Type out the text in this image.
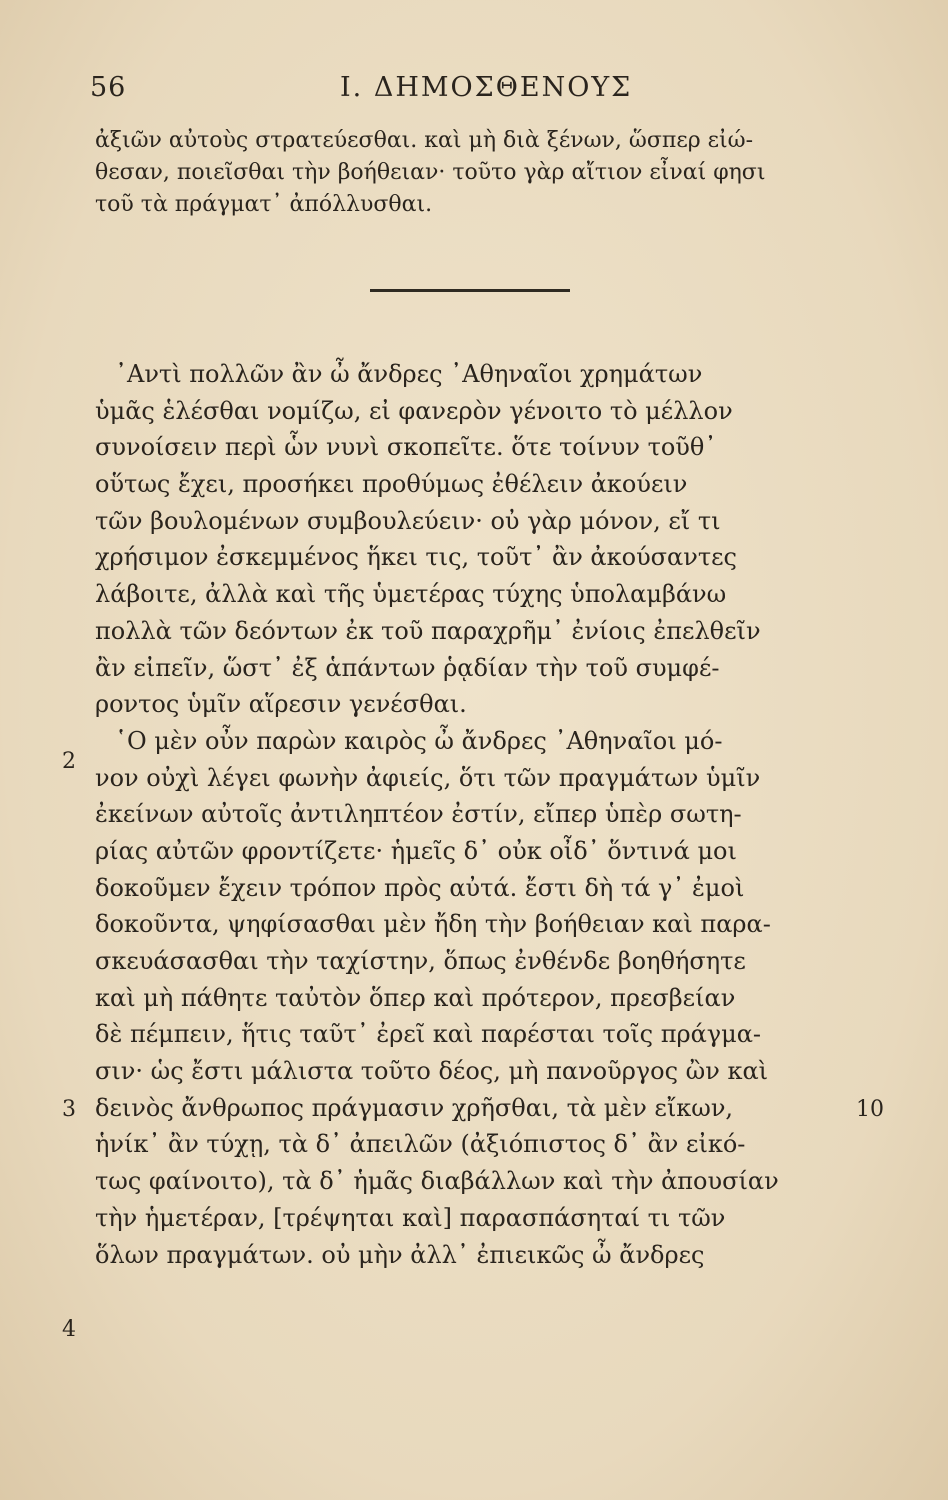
56	I. ΔΗΜΟΣΘΕΝΟΥΣ
ἀξιῶν αὐτοὺς στρατεύεσθαι. καὶ μὴ διὰ ξένων, ὥσπερ εἰώ-
θεσαν, ποιεῖσθαι τὴν βοήθειαν· τοῦτο γὰρ αἴτιον εἶναί φησι
τοῦ τὰ πράγματ᾽ ἀπόλλυσθαι.
᾽Αντὶ πολλῶν ἂν ὦ ἄνδρες ᾽Αθηναῖοι χρημάτων
ὑμᾶς ἑλέσθαι νομίζω, εἰ φανερὸν γένοιτο τὸ μέλλον
συνοίσειν περὶ ὧν νυνὶ σκοπεῖτε. ὅτε τοίνυν τοῦθ᾽
οὕτως ἔχει, προσήκει προθύμως ἐθέλειν ἀκούειν
τῶν βουλομένων συμβουλεύειν· οὐ γὰρ μόνον, εἴ τι
χρήσιμον ἐσκεμμένος ἥκει τις, τοῦτ᾽ ἂν ἀκούσαντες
λάβοιτε, ἀλλὰ καὶ τῆς ὑμετέρας τύχης ὑπολαμβάνω
πολλὰ τῶν δεόντων ἐκ τοῦ παραχρῆμ᾽ ἐνίοις ἐπελθεῖν
ἂν εἰπεῖν, ὥστ᾽ ἐξ ἁπάντων ῥᾳδίαν τὴν τοῦ συμφέ-
ροντος ὑμῖν αἵρεσιν γενέσθαι.
῾Ο μὲν οὖν παρὼν καιρὸς ὦ ἄνδρες ᾽Αθηναῖοι μό-
νον οὐχὶ λέγει φωνὴν ἀφιείς, ὅτι τῶν πραγμάτων ὑμῖν
ἐκείνων αὐτοῖς ἀντιληπτέον ἐστίν, εἴπερ ὑπὲρ σωτη-
ρίας αὐτῶν φροντίζετε· ἡμεῖς δ᾽ οὐκ οἶδ᾽ ὅντινά μοι
δοκοῦμεν ἔχειν τρόπον πρὸς αὐτά. ἔστι δὴ τά γ᾽ ἐμοὶ
δοκοῦντα, ψηφίσασθαι μὲν ἤδη τὴν βοήθειαν καὶ παρα-
σκευάσασθαι τὴν ταχίστην, ὅπως ἐνθένδε βοηθήσητε
καὶ μὴ πάθητε ταὐτὸν ὅπερ καὶ πρότερον, πρεσβείαν
δὲ πέμπειν, ἥτις ταῦτ᾽ ἐρεῖ καὶ παρέσται τοῖς πράγμα-
σιν· ὡς ἔστι μάλιστα τοῦτο δέος, μὴ πανοῦργος ὢν καὶ
δεινὸς ἄνθρωπος πράγμασιν χρῆσθαι, τὰ μὲν εἴκων,
ἡνίκ᾽ ἂν τύχῃ, τὰ δ᾽ ἀπειλῶν (ἀξιόπιστος δ᾽ ἂν εἰκό-
τως φαίνοιτο), τὰ δ᾽ ἡμᾶς διαβάλλων καὶ τὴν ἀπουσίαν
τὴν ἡμετέραν, [τρέψηται καὶ] παρασπάσηταί τι τῶν
ὅλων πραγμάτων. οὐ μὴν ἀλλ᾽ ἐπιεικῶς ὦ ἄνδρες
2
3
4
10
